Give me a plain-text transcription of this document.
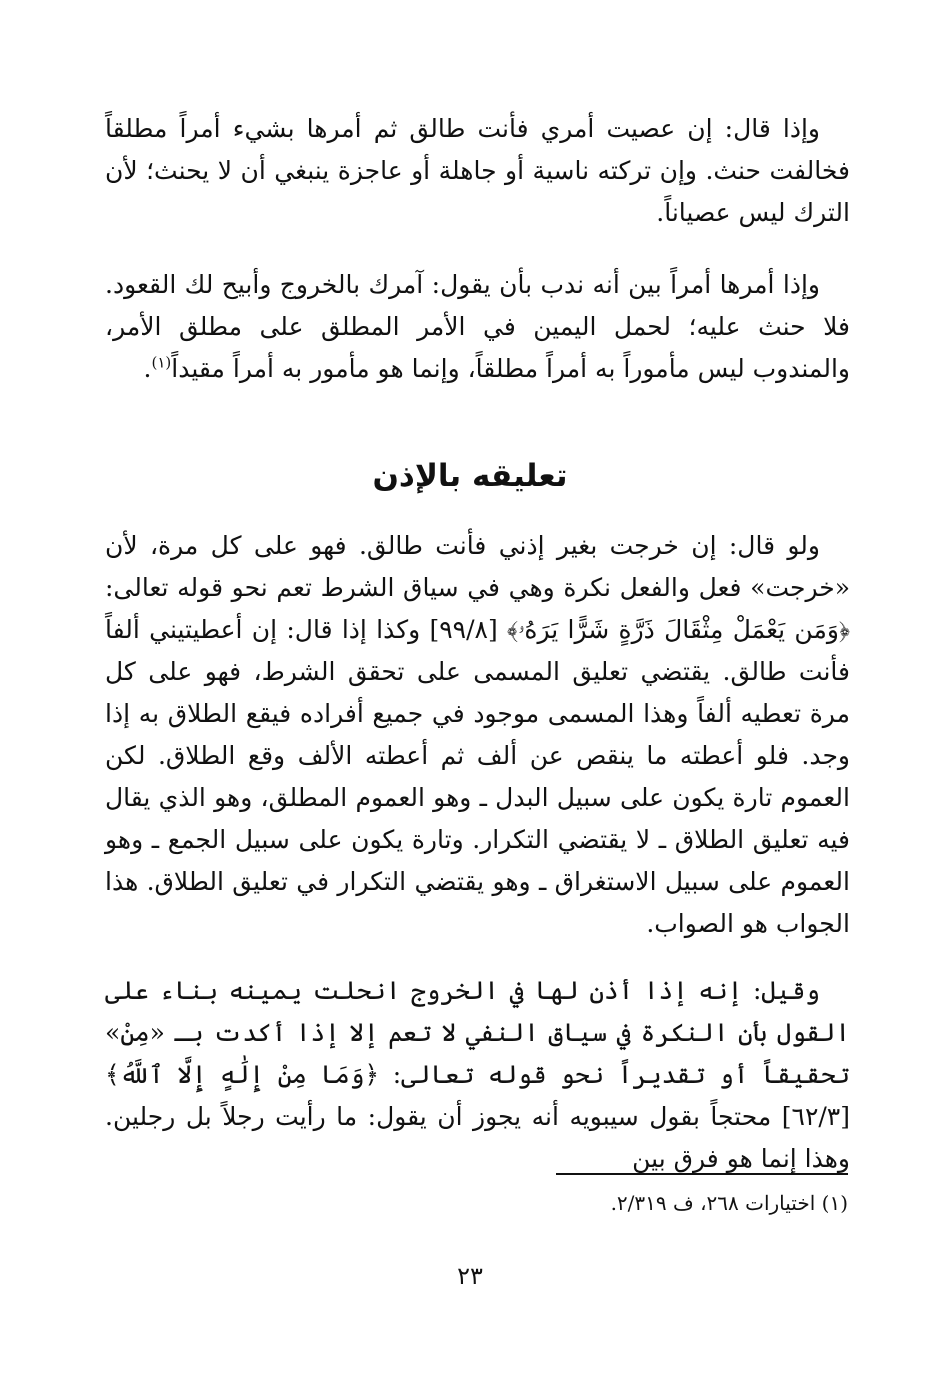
وإذا قال: إن عصيت أمري فأنت طالق ثم أمرها بشيء أمراً مطلقاً فخالفت حنث. وإن تركته ناسية أو جاهلة أو عاجزة ينبغي أن لا يحنث؛ لأن الترك ليس عصياناً.

وإذا أمرها أمراً بين أنه ندب بأن يقول: آمرك بالخروج وأبيح لك القعود. فلا حنث عليه؛ لحمل اليمين في الأمر المطلق على مطلق الأمر، والمندوب ليس مأموراً به أمراً مطلقاً، وإنما هو مأمور به أمراً مقيداً$^{(١)}$.

تعليقه بالإذن

ولو قال: إن خرجت بغير إذني فأنت طالق. فهو على كل مرة، لأن «خرجت» فعل والفعل نكرة وهي في سياق الشرط تعم نحو قوله تعالى: ﴿وَمَن يَعْمَلْ مِثْقَالَ ذَرَّةٍ شَرًّا يَرَهُۥ﴾ [٩٩/٨] وكذا إذا قال: إن أعطيتيني ألفاً فأنت طالق. يقتضي تعليق المسمى على تحقق الشرط، فهو على كل مرة تعطيه ألفاً وهذا المسمى موجود في جميع أفراده فيقع الطلاق به إذا وجد. فلو أعطته ما ينقص عن ألف ثم أعطته الألف وقع الطلاق. لكن العموم تارة يكون على سبيل البدل ـ وهو العموم المطلق، وهو الذي يقال فيه تعليق الطلاق ـ لا يقتضي التكرار. وتارة يكون على سبيل الجمع ـ وهو العموم على سبيل الاستغراق ـ وهو يقتضي التكرار في تعليق الطلاق. هذا الجواب هو الصواب.

وقيل: إنه إذا أذن لها في الخروج انحلت يمينه بناء على القول بأن النكرة في سياق النفي لا تعم إلا إذا أكدت بـ «مِنْ» تحقيقاً أو تقديراً نحو قوله تعالى: ﴿وَمَا مِنْ إِلَٰهٍ إِلَّا ٱللَّهُ﴾ [٦٢/٣] محتجاً بقول سيبويه أنه يجوز أن يقول: ما رأيت رجلاً بل رجلين. وهذا إنما هو فرق بين

(١) اختيارات ٢٦٨، ف ٢/٣١٩.
٢٣
